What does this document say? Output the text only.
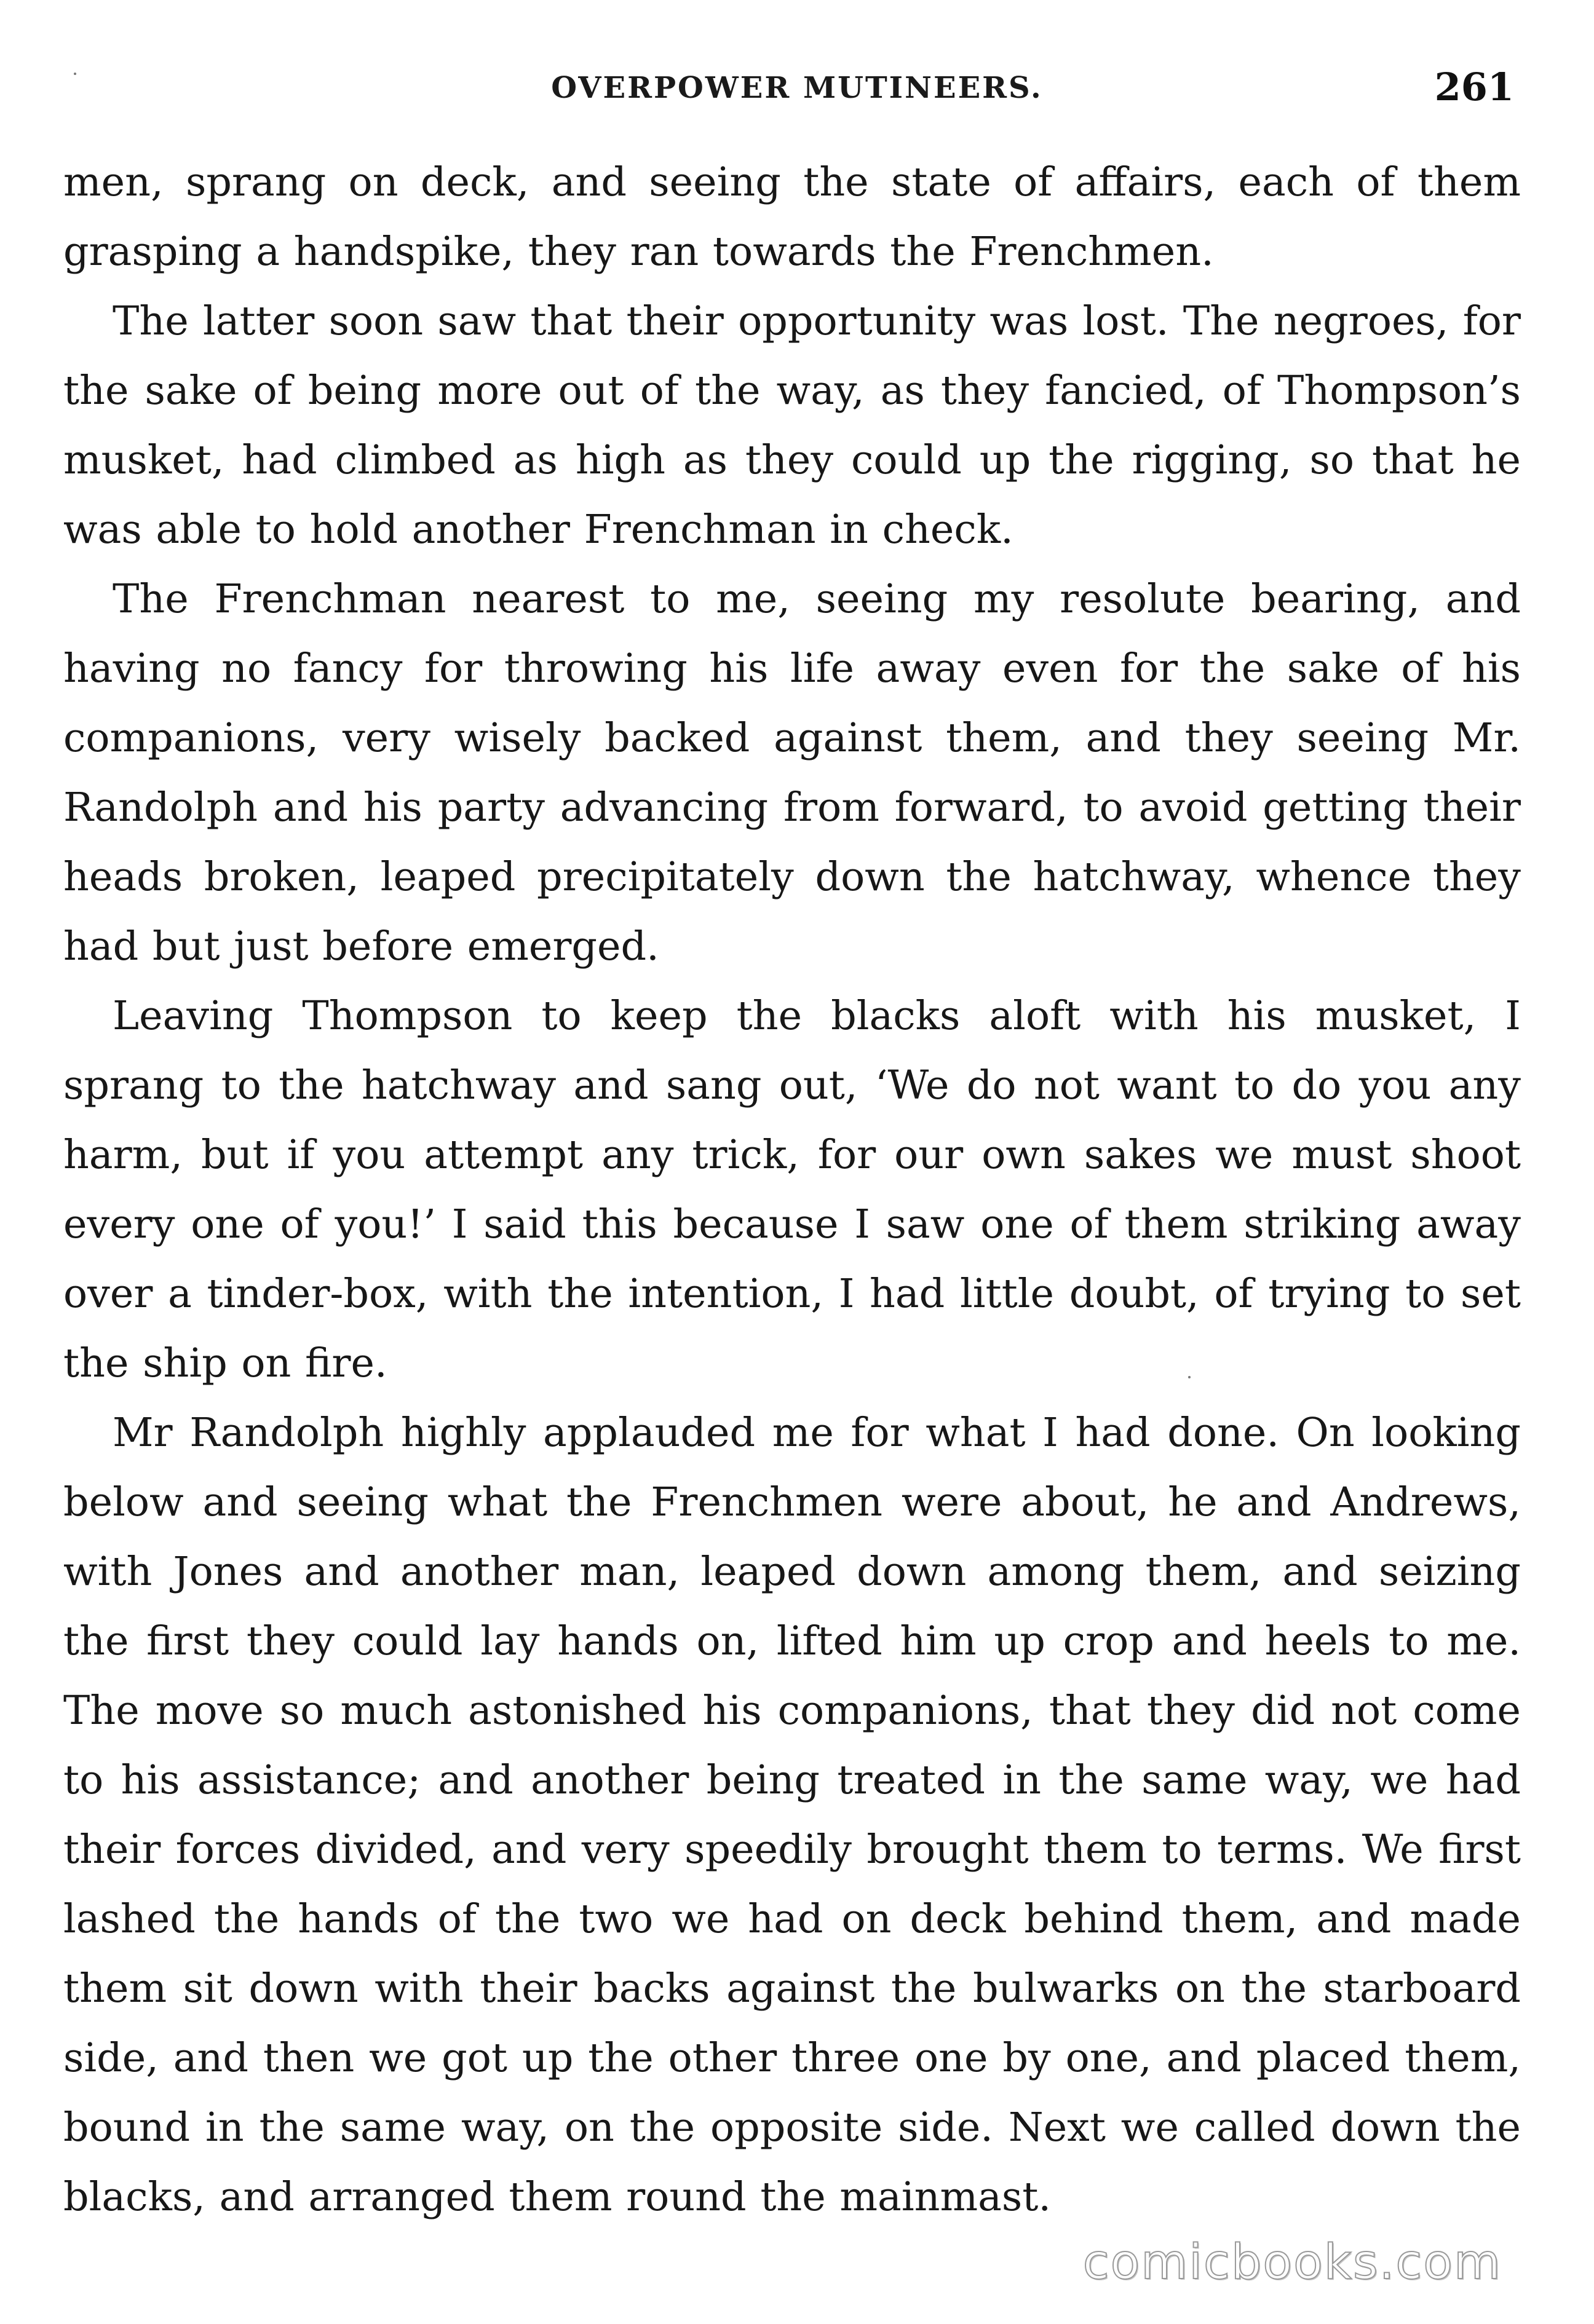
OVERPOWER MUTINEERS.	261

men, sprang on deck, and seeing the state of affairs, each of them grasping a handspike, they ran towards the Frenchmen.

The latter soon saw that their opportunity was lost. The negroes, for the sake of being more out of the way, as they fancied, of Thompson’s musket, had climbed as high as they could up the rigging, so that he was able to hold another Frenchman in check.

The Frenchman nearest to me, seeing my resolute bearing, and having no fancy for throwing his life away even for the sake of his companions, very wisely backed against them, and they seeing Mr. Randolph and his party advancing from forward, to avoid getting their heads broken, leaped precipitately down the hatchway, whence they had but just before emerged.

Leaving Thompson to keep the blacks aloft with his musket, I sprang to the hatchway and sang out, ‘We do not want to do you any harm, but if you attempt any trick, for our own sakes we must shoot every one of you!’ I said this because I saw one of them striking away over a tinder-box, with the intention, I had little doubt, of trying to set the ship on fire.

Mr Randolph highly applauded me for what I had done. On looking below and seeing what the Frenchmen were about, he and Andrews, with Jones and another man, leaped down among them, and seizing the first they could lay hands on, lifted him up crop and heels to me. The move so much astonished his companions, that they did not come to his assistance; and another being treated in the same way, we had their forces divided, and very speedily brought them to terms. We first lashed the hands of the two we had on deck behind them, and made them sit down with their backs against the bulwarks on the starboard side, and then we got up the other three one by one, and placed them, bound in the same way, on the opposite side. Next we called down the blacks, and arranged them round the mainmast.

comicbooks.com
